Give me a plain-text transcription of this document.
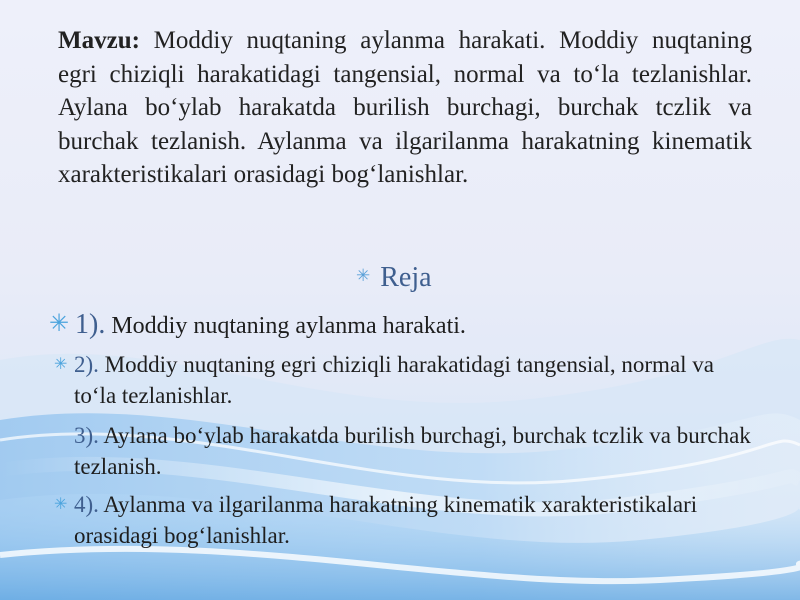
Mavzu: Moddiy nuqtaning aylanma harakati. Moddiy nuqtaning egri chiziqli harakatidagi tangensial, normal va to‘la tezlanishlar. Aylana bo‘ylab harakatda burilish burchagi, burchak tczlik va burchak tezlanish. Aylanma va ilgarilanma harakatning kinematik xarakteristikalari orasidagi bog‘lanishlar.
✳ Reja
✳ 1). Moddiy nuqtaning aylanma harakati.
✳ 2). Moddiy nuqtaning egri chiziqli harakatidagi tangensial, normal va to‘la tezlanishlar.
3). Aylana bo‘ylab harakatda burilish burchagi, burchak tczlik va burchak tezlanish.
✳ 4). Aylanma va ilgarilanma harakatning kinematik xarakteristikalari orasidagi bog‘lanishlar.
